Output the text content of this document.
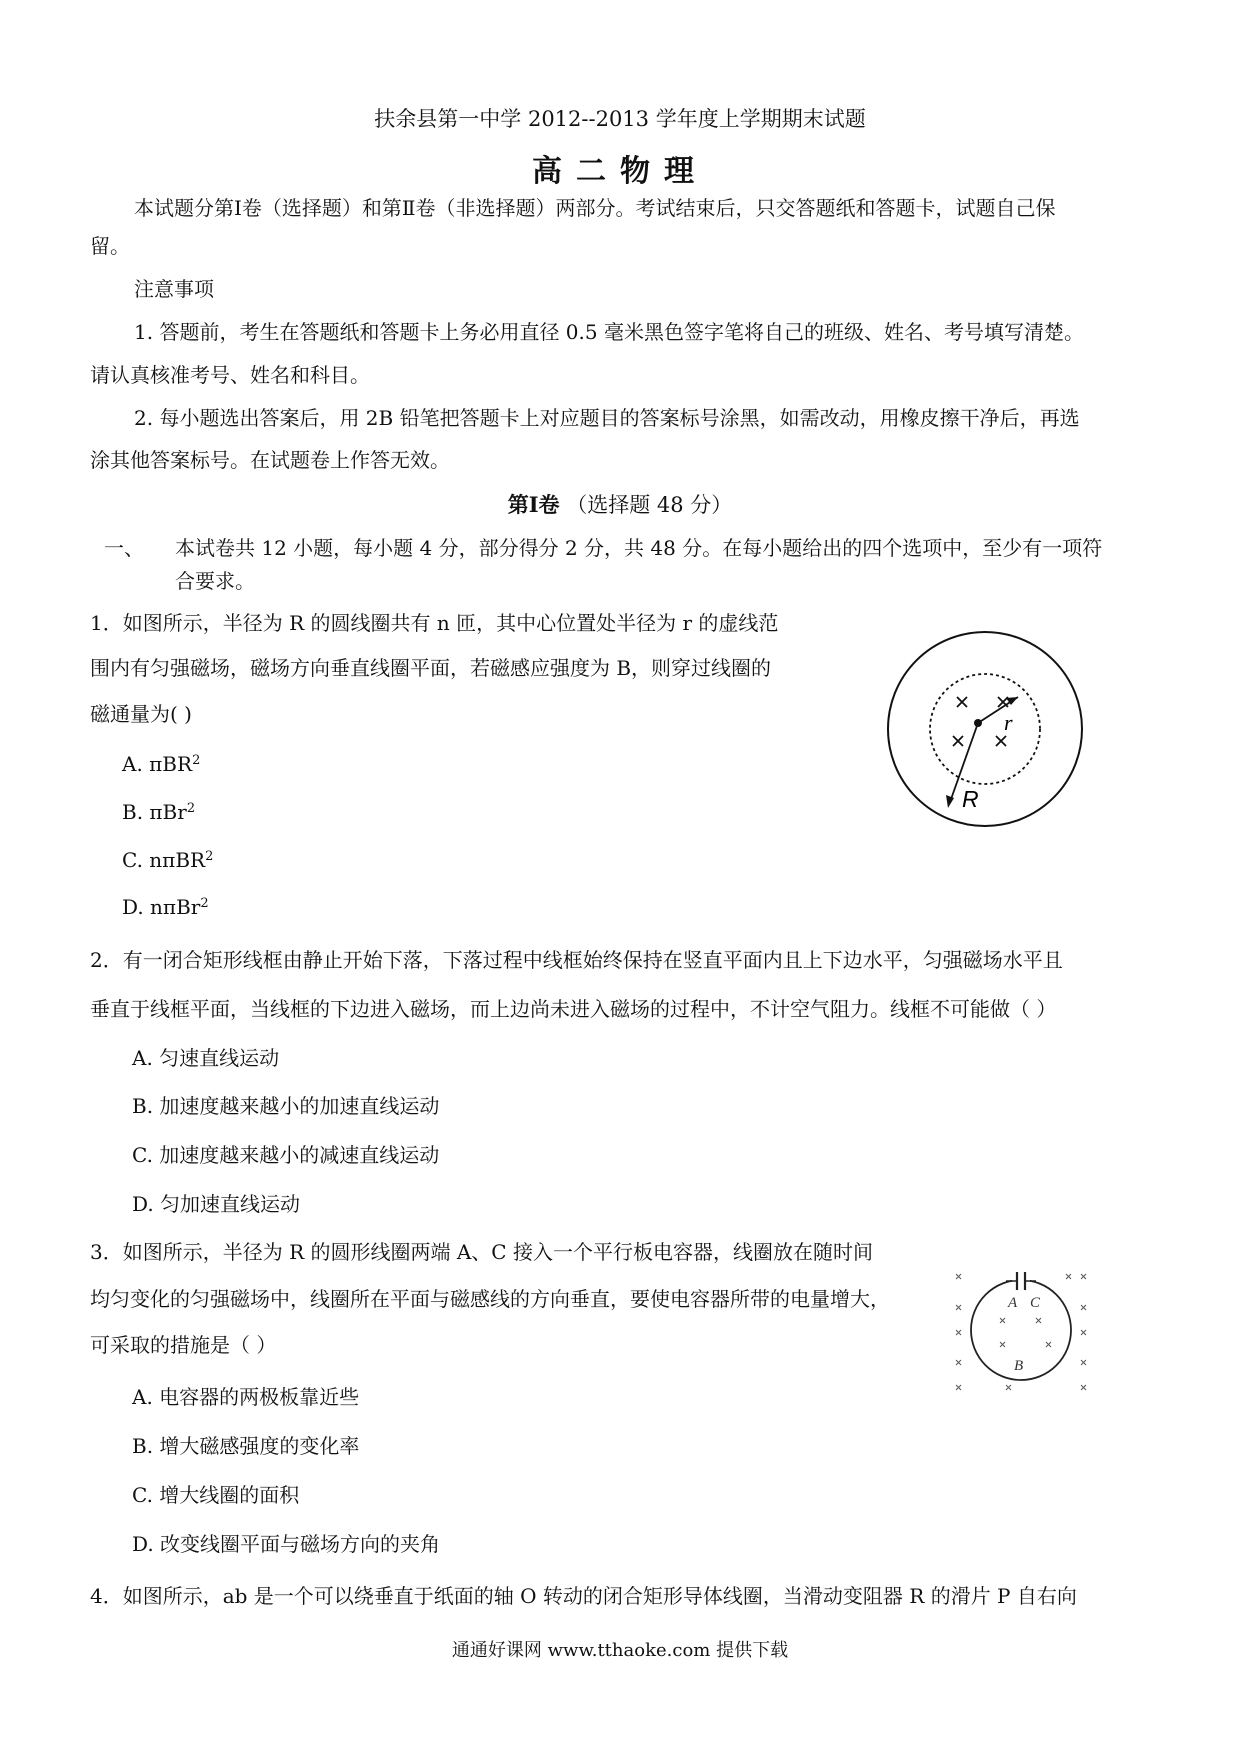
扶余县第一中学 2012--2013 学年度上学期期末试题
高二物理
本试题分第Ⅰ卷（选择题）和第Ⅱ卷（非选择题）两部分。考试结束后，只交答题纸和答题卡，试题自己保
留。
注意事项
1. 答题前，考生在答题纸和答题卡上务必用直径 0.5 毫米黑色签字笔将自己的班级、姓名、考号填写清楚。
请认真核准考号、姓名和科目。
2. 每小题选出答案后，用 2B 铅笔把答题卡上对应题目的答案标号涂黑，如需改动，用橡皮擦干净后，再选
涂其他答案标号。在试题卷上作答无效。
第Ⅰ卷 （选择题 48 分）
一、 本试卷共 12 小题，每小题 4 分，部分得分 2 分，共 48 分。在每小题给出的四个选项中，至少有一项符
合要求。
1．如图所示，半径为 R 的圆线圈共有 n 匝，其中心位置处半径为 r 的虚线范
围内有匀强磁场，磁场方向垂直线圈平面，若磁感应强度为 B，则穿过线圈的
磁通量为( )
A. πBR$^2$
B. πBr$^2$
C. nπBR$^2$
D. nπBr$^2$
r
R
2．有一闭合矩形线框由静止开始下落，下落过程中线框始终保持在竖直平面内且上下边水平，匀强磁场水平且
垂直于线框平面，当线框的下边进入磁场，而上边尚未进入磁场的过程中，不计空气阻力。线框不可能做（ ）
A. 匀速直线运动
B. 加速度越来越小的加速直线运动
C. 加速度越来越小的减速直线运动
D. 匀加速直线运动
3．如图所示，半径为 R 的圆形线圈两端 A、C 接入一个平行板电容器，线圈放在随时间
均匀变化的匀强磁场中，线圈所在平面与磁感线的方向垂直，要使电容器所带的电量增大，
可采取的措施是（ ）
A. 电容器的两极板靠近些
B. 增大磁感强度的变化率
C. 增大线圈的面积
D. 改变线圈平面与磁场方向的夹角
A C
B
4．如图所示，ab 是一个可以绕垂直于纸面的轴 O 转动的闭合矩形导体线圈，当滑动变阻器 R 的滑片 P 自右向
通通好课网 www.tthaoke.com 提供下载
